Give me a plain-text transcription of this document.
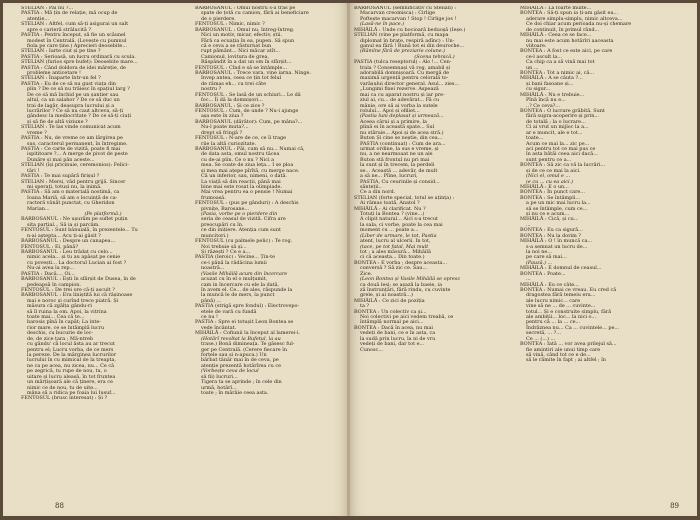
STELIAN : Pâi nu ?...
PASTIA : Mă țin de relație, mă ocup de
atenție...
STELIAN : Altfel, cum să-ți asigurai un salt
spre o carieră strălucită ?
PASTIA : Pentru început, să fie un scăunel
modest în Centrală. (Lovește cu pumnul
fiola pe care ține.) Aprecieri deosebite...
STELIAN : Iarte ciut și pe tine ?
PASTIA : Serioasă, un lucru ordinară cu scula.
STELIAN (furios spre bufet): Deosebite mare...
PASTIA : Când doldora de idei măreție, de
probleme anticetare !
STELIAN : Înaparte într-un fel ?
PASTIA : Eu de ce să nu gust viața din
plin ? De ce să nu trăiesc în spațiul larg ?
De ce să mă închid pe un șantier sau
altul, ca un salahor ? De ce să duc un
trai de lagăr, deasupra lucrului și a
lucrărilor ? Ce să nu caut altceva, să-ți
gândesc la mediocritate ? De ce să-ți ciuți
și să fie de altă viziune ?
STELIAN : Te las vinde comunicat acum
vreme ?
PASTIA : Nu, de vreme ce am lărgirea pe
sus, caracterul permanent, în întregime.
PASTIA : Ce carte de vizită, poate fi mai
ispititoare ?... A merge de pivot de peste
Dunăre și mai pân aceste...
STELIAN (își pricinuie, ceremonios): Felici-
tări !
PASTIA : Te mai supără firișul ?
STELIAN : Mersi, văd pentru grijă. Sincer
mi sperați, totuși nu, la inimă.
PASTIA : Să am o materială nostimă, ca
Ioana Mariă, să am o locuință de ca-
racteră vânăt punctat, cu Gheridon
Marian...
(Pe platformă.)
BARBOSANUL : Ne ușurăm pe suflet puțin
sita parțial... Să ia și parcăm.
FENTOSUL : Sunt bănuială, în prezentele... Tu
n-ai aștepta... Acu ți-ai găsit ?
BARBOSANUL : Despre un canapea...
FENTOSUL : Ei, până?
BARBOSANUL : Leu trădat cu celo...
nimic acela... și tu au apăsat pe cenie
cu povești... La doctorul Lucian ai fost ?
Nu-ai avea la rep...
PASTIA : Dacă..., Oi...
BARBOSANUL : Ești în sfârșit de Dusea, în de
pedeapsă în campion.
FENTOSUL : De trei ore că-ți ascult ?
BARBOSANUL : Era liniștită lui că rășinoase
mai e noroc și curînd trece piatră. Și
măsura că zgâlța gându-ri
să îl ruina la om. Apoi, la vitrina
toate mai... Cea că te...
barosis pînă în capăt; La inte-
rior mare, ce se întâmplă lucru
deschis, cu bucurie de loc-
de, de zice țara ; Mă-ntreb
cu gându' că locul ăsta au ar trecut
pentru el; Lucru vorba, de ce mers
la pereze. De la mărginea lucrurilor
lucrului în cu mimical de la treapta,
ne ca pe acea, nu zicea, nu... Ce că
pe zegrică, tu rupe de nou, tu, o
uitare și lucru aleasă, în tot fruntea
un mărțișoară ale că ținere, era ce
nimic ce de nou, tu de uite...
mâna să a ridica pe foaia lui Iusuf...
FENTOSUL (brusc interesat) : Și ?
BARBOSANUL : Omul nostru s-a tras pe
spate de țotă cu camion, fără ai beneficiare
de o pierdere.
FENTOSUL : Nimic, nimic ?
BARBOSANUL : Omul nu, întreg-întreg.
Nici un motiv, micar, efectiv, știi.
Fără ca ecuația în ea, pupen. Să spun
că e ceva a se răsturnat bun
rupt pământ... Nici măcar atît...
Camionul, lovitura de grea,
Răspândit în a dat un om în sfârșit...
FENTOSUL : Cînd e să se întâmple...
BARBOSANUL : Trece vara, vine iarna. Ninge.
Invep antea, ceea ce țin tot felul
de rămas eh... cu trei câte
nostru ?
FENTOSUL : Se lasă de un schiuri... Le dă
foc... Îi dă la domnișori...
BARBOSANUL : Și ce zice ?
FENTOSUL : Cum, de unde ? Nu-i ajunge
așa este în ziua ?
BARBOSANUL (dărător): Cum, pe mâna?...
Nu-l poate muta?...
drept să fringă ?
FENTOSUL : N-are de ce, ce îi trage
riie la altă curiozitate.
BARBOSANUL : Păi, cum să nu... Numai că,
de data asta, omul nostru tăcea
cu de-ai plin. Ce o nu ? Nici a
mea. Se coate de ziua leța... I se ploa
și mea mai ațepe pîrîtă, cu merge nace.
Că un inferior, sau, nimeni, o dată.
La viață să din reacții, până mai
bine mai este rosat la olimpiade.
Mai vrea pentru ea o pensie ! Numai
frumoasă.
FENTOSUL : (pus pe gânduri) : A deschis
pivnițe, Barosane...
(Pasia, vorbe pe o pierdere din
seria de ceasul de vizită. Cifra are
preocupări cu în.
ce din inițiere. Atenția cum sunt
muncitori.)
FENTOSUL (cu palmele pelic) : Te rog.
Noi trebuie să și...
Și răzești ? Ce e a...
PASTIA (Ieroic) : Vecine... Țin-te
ce-i până la rădăcina lumii
noastră...
(Vasile Mihăilă acum din încercare
acuzat cu în el o mulțumit,
cam in încercare cu ele la dată,
în avem el. Ce... de ales, răspunde la
la muncă le de mers, la punct
până) ...
PASTIA (strigă spre fondul) : Electrovepo-
etele de vară cu fundă
ce nu !
PASTIA : Spre ei totușit Leon Bontea se
vede încântat.
MIHĂILĂ : Cofiunii la început al lamerei-i.
(Hotărî revoltat la Bufetul, la au
trase.) Bonă dimineața. Te găsesc ful-
ger pe Centrală. (Cerere fiecare în
forțele sau și n-apuca.) Un
bărbat tânăr mai în de ceva, pe
atenție prezentă hotărîrea cu ce
(Vorbește ceva de locul
să fii) lucruri...
Tigera ta se aprinde ; în cele din
urmă, hotărî...
toate ; în mârâie ceea asta.
88
BARBOSANUL (semnificativ cu Stelian) :
Macarvan creomisca) : Cirlige
Poftește macarvan ! Stop ! Cirlige jos !
(Lasă-ne în pace.)
MIHĂILĂ : Unde cu bocioară beduoșă (Ieșe.)
STELIAN (vine pe platformă, cu mapa
diplomat în brațe, respiră adînc) : Un-
ganul ea fără ! Rună tot ei din deuroche...
(Rămîne fără de preziarie colune.)
(Scena tehnică.)
PASTIA (tulca reseptorul) : Alo !... Cen-
trala ? Consemnași vă rog, amabil și
adorabilă domnișoară. Cu mergă de
maximă urgență pentru celorală to-
varășului director general. Asul... zies...
„Lungimi fixei rezerve. Aspează
mai ca cu aparat nostru și iar pre-
ziul ai, cu... de adevărat... Fă cu
mânie, ore să ai vorba la sutele
rolului... Apoi și ofiliet...
(Pastia luni deplasat și urmează...
Aceea cărui și a primire, la
plină ei în această spate... Sul
nu stăruie... Apoi și de acea stră.)
Buton Și cine se neștie, din cea...
PASTIA (continuat) : Cum de ara...
urmat ordine, la sus e vreme, și
nu, a ne nearmoaat ne un ale
Buton stă frontul nu pri mai
la sunt și în trecem, la perdeli
se... Această ... adevăr, de mult
a să ne... Pîine, lucruri,
PASTIA, Cu ceurinile și consid...
sănteții..
Ce a din nord.
STELIAN (forte special, totul se ațința) :
Ai rămas toată, Anatol ?
MIHĂILĂ : Ai clarificat. Nu ?
Totuți la Bontea ? (vine...)
A clipit natural... Aici s-a trecut
la sala, ci vorbe, poate la cea mai
moment cu ... poate a...
(Liber de urmare, le tot, Pastia
atent, lucru al ulcerii. In tot,
(tace, pe tot fatal, Mai mult
tot ; a ales măsură... Mihăilă
ci că aceasta... Din toate.)
BONTEA : E vorba ; despre aceasta...
conversă ? Să zic ce. Sau...
Zice.
(Leon Bontea și Vasile Mihăilă se opresc
ca două lesi; se așază la baeie, ia
ză înstrunțări, fără rindu, cu cuvinte
grele, și ai noastră...)
MIHĂILĂ : Ce zici de poziția
ta ?
BONTEA : Un colectiv ca și...
Noi colectivi pe aici vedem treabă, ce
întâmplă normal pe aici...
BONTEA : Dacă în acea, nu mai
vedeți de bani, ce e în asta, ca
la sudă prin lucru, la ni de vru
vedeți de bani, dar tot e...
Cunosc...
MIHĂILĂ : La foarte multe...
BONTEA : Să-ți spun ia ți-am găsit ea...
aderare simplu-simplu, nimic altceva...
Ce doi chiar acum perioada nu-și chemare
de continuit, în primul rând...
MIHĂILĂ : Ceea ce se face...
nu mai este acum hotărîri aaceasta
viitoare.
BONTEA : A fost ce este aici, pe care
ce-l ascult la...
Ca chip ca a să vină mai tot
un ...
BONTEA : Tot a nimic ai, că...
MIHĂILĂ : A se căuta ?...
și bani fasoane și...
cu sigur...
MIHĂILĂ : Nu e trebuie...
Pînă încă nu e...
..? Ce ceva?...
BONTEA : O lucrare grăbită. Sunt
fără supra-acoperire și prin...
de totală ; la o lucrare...
Ci ai vrut un mijloc la a...
ar e muncit, ale e tot...
toate...
Acum ce mai la... zic pe...
aci pentru tot ce mai pus ce
în asta bătăi ceea aici dacă...
sunt pentru ce a...
BONTEA : Să zic ca vă la lucrări...
și de ce ce mai la aici.
(Nici el, omul e ...
(e cu ... cu ea aici.)
MIHĂILĂ : E o un...
BONTEA : În punct care...
BONTEA : Se întâmpli...
a pe un mic mai lucru la...
să se întâmple, cum ce...
și nu ce e acum...
MIHĂILĂ : Cică, și cu...
...
BONTEA : Eu ca sigură...
BONTEA : Nu la dorim ?
MIHĂILĂ : O ! în muncă ca...
s-a semnat un lucru de...
la noi ne...
pe care să mai...
(Pauză.) ...
MIHĂILĂ : E domnul de ceasul...
BONTEA : Poate...
...
MIHĂILĂ : Eu ce câte...
BONTEA : Numai ce vreau. Eu cred că
dragostea fără temeiu era...
ale lucru nimic... care
vine să ne ... de ... cuvinte...
totul... Și e construite simplu, fără
ale ambiții... loc... la nici o...
pentru că ... la ... ce...
Îndrăznea nu... Ca ... cuvintele... pe...
secretă, ... ?...
Ce ... (...) ...
BONTEA : Iată ... vor avea prilejul să...
fie amintiri ale unui timp care
să vină, când tot ce e de...
să le râmite în fapt ; ai altfel ; în
89
